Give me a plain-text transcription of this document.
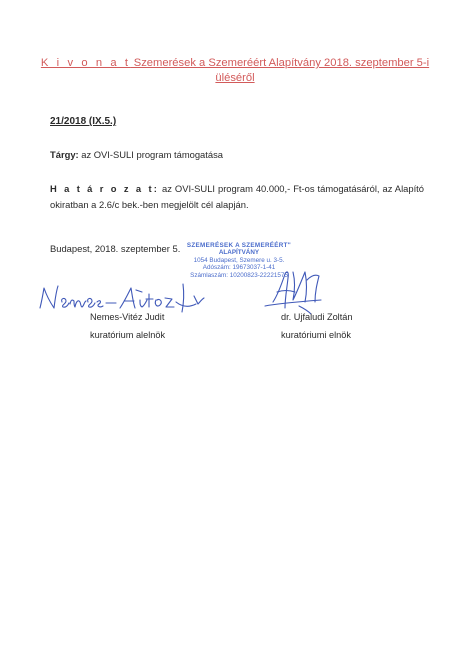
K i v o n a t Szemerések a Szemeréért Alapítvány 2018. szeptember 5-i
üléséről
21/2018 (IX.5.)
Tárgy: az OVI-SULI program támogatása
H a t á r o z a t: az OVI-SULI program 40.000,- Ft-os támogatásáról, az Alapító okiratban a 2.6/c bek.-ben megjelölt cél alapján.
Budapest, 2018. szeptember 5.	SZEMERÉSEK A SZEMERÉÉRT"
ALAPÍTVÁNY
1054 Budapest, Szemere u. 3-5.
Adószám: 19673037-1-41
Számlaszám: 10200823-22221575
Nemes-Vitéz Judit
kuratórium alelnök
dr. Ujfaludi Zoltán
kuratóriumi elnök
